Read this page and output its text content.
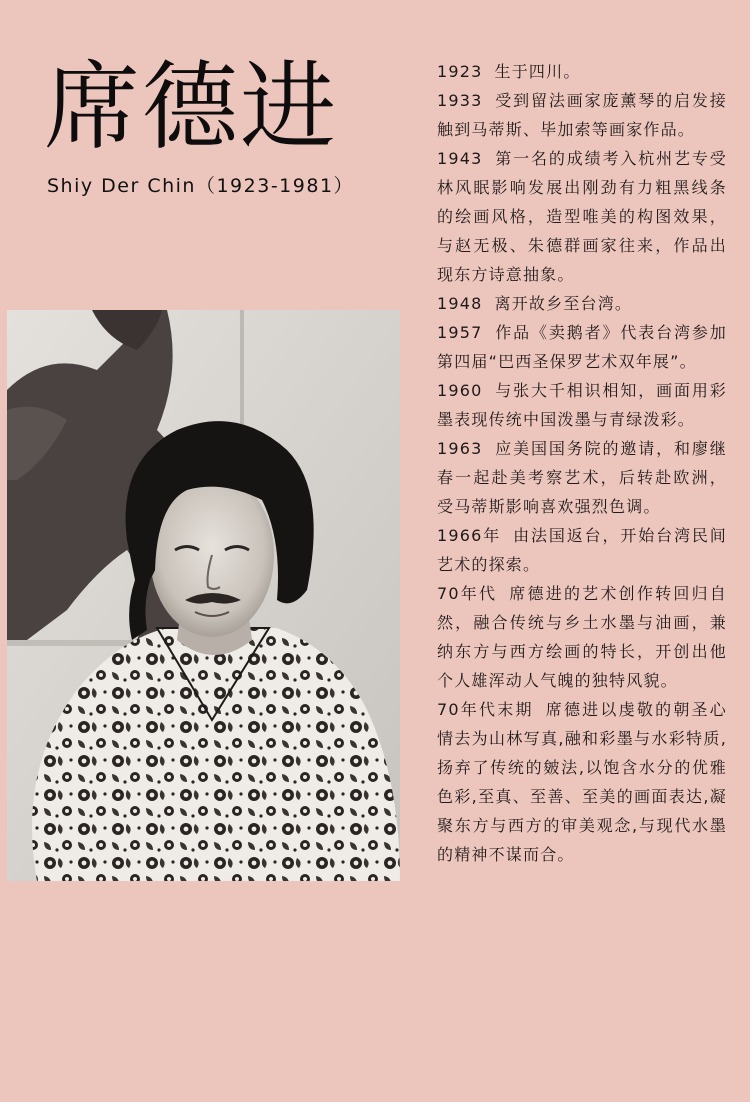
席德进
Shiy Der Chin（1923-1981）

1923 生于四川。

1933 受到留法画家庞薰琴的启发接触到马蒂斯、毕加索等画家作品。

1943 第一名的成绩考入杭州艺专受林风眠影响发展出刚劲有力粗黑线条的绘画风格，造型唯美的构图效果，与赵无极、朱德群画家往来，作品出现东方诗意抽象。

1948 离开故乡至台湾。

1957 作品《卖鹅者》代表台湾参加第四届“巴西圣保罗艺术双年展”。

1960 与张大千相识相知，画面用彩墨表现传统中国泼墨与青绿泼彩。

1963 应美国国务院的邀请，和廖继春一起赴美考察艺术，后转赴欧洲，受马蒂斯影响喜欢强烈色调。

1966年 由法国返台，开始台湾民间艺术的探索。

70年代 席德进的艺术创作转回归自然，融合传统与乡土水墨与油画，兼纳东方与西方绘画的特长，开创出他个人雄浑动人气魄的独特风貌。

70年代末期 席德进以虔敬的朝圣心情去为山林写真,融和彩墨与水彩特质,扬弃了传统的皴法,以饱含水分的优雅色彩,至真、至善、至美的画面表达,凝聚东方与西方的审美观念,与现代水墨的精神不谋而合。
